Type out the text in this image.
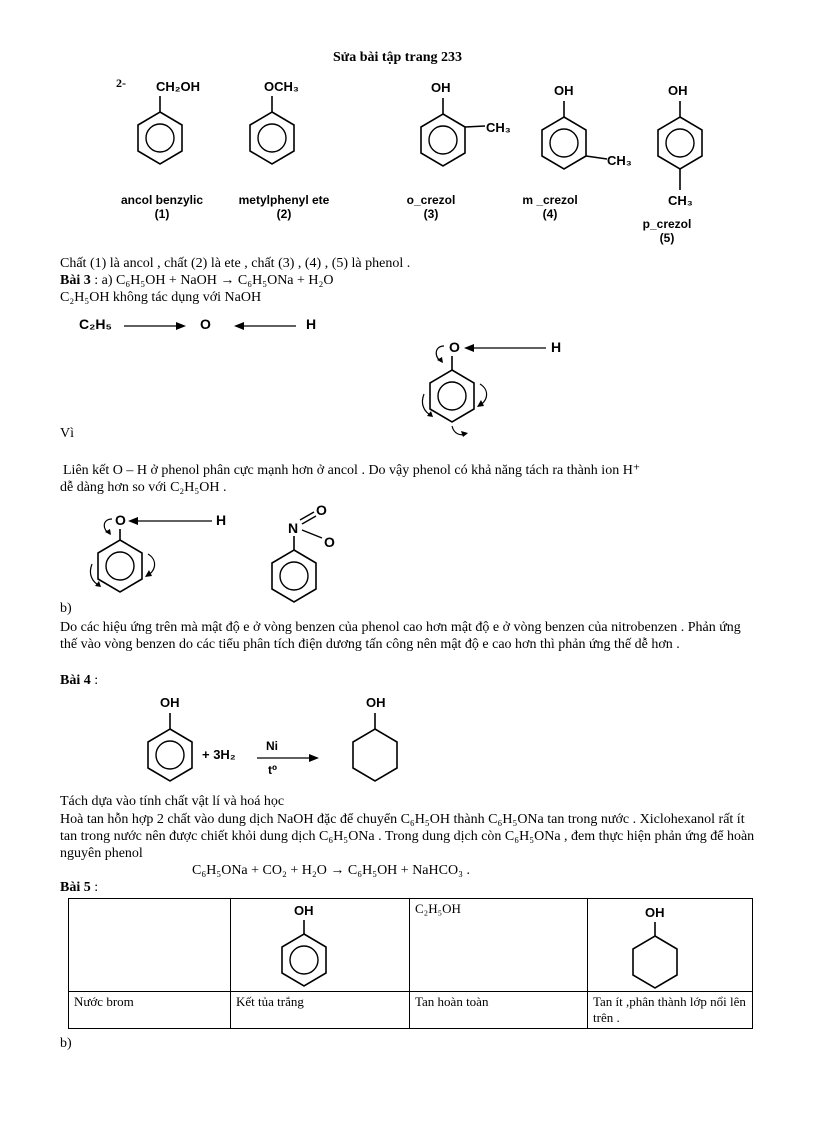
Sửa bài tập trang 233
2- CH₂OH	OCH₃	OH
CH₃
OH
CH₃
OH
CH₃
ancol benzylic
(1)
metylphenyl ete
(2)
o_crezol
(3)
m _crezol
(4)
p_crezol
(5)
Chất (1) là ancol , chất (2) là ete , chất (3) , (4) , (5) là phenol .
Bài 3 : a) C₆H₅OH + NaOH → C₆H₅ONa + H₂O
C₂H₅OH không tác dụng với NaOH
C₂H₅	O	H
O	H
Vì
Liên kết O – H ở phenol phân cực mạnh hơn ở ancol . Do vậy phenol có khả năng tách ra thành ion H⁺
dễ dàng hơn so với C₂H₅OH .
O	H	N
O
O
b)
Do các hiệu ứng trên mà mật độ e ở vòng benzen của phenol cao hơn mật độ e ở vòng benzen của nitrobenzen . Phản ứng thế vào vòng benzen do các tiểu phân tích điện dương tấn công nên mật độ e cao hơn thì phản ứng thế dễ hơn .
Bài 4 :
OH
+ 3H₂
Ni
t⁰
OH
Tách dựa vào tính chất vật lí và hoá học
Hoà tan hỗn hợp 2 chất vào dung dịch NaOH đặc để chuyển C₆H₅OH thành C₆H₅ONa tan trong nước . Xiclohexanol rất ít tan trong nước nên được chiết khỏi dung dịch C₆H₅ONa . Trong dung dịch còn C₆H₅ONa , đem thực hiện phản ứng để hoàn nguyên phenol
C₆H₅ONa + CO₂ + H₂O → C₆H₅OH + NaHCO₃ .
Bài 5 :

	OH	C₂H₅OH	OH

Nước brom	Kết tủa trắng	Tan hoàn toàn	Tan ít ,phân thành lớp nổi lên trên .
b)
